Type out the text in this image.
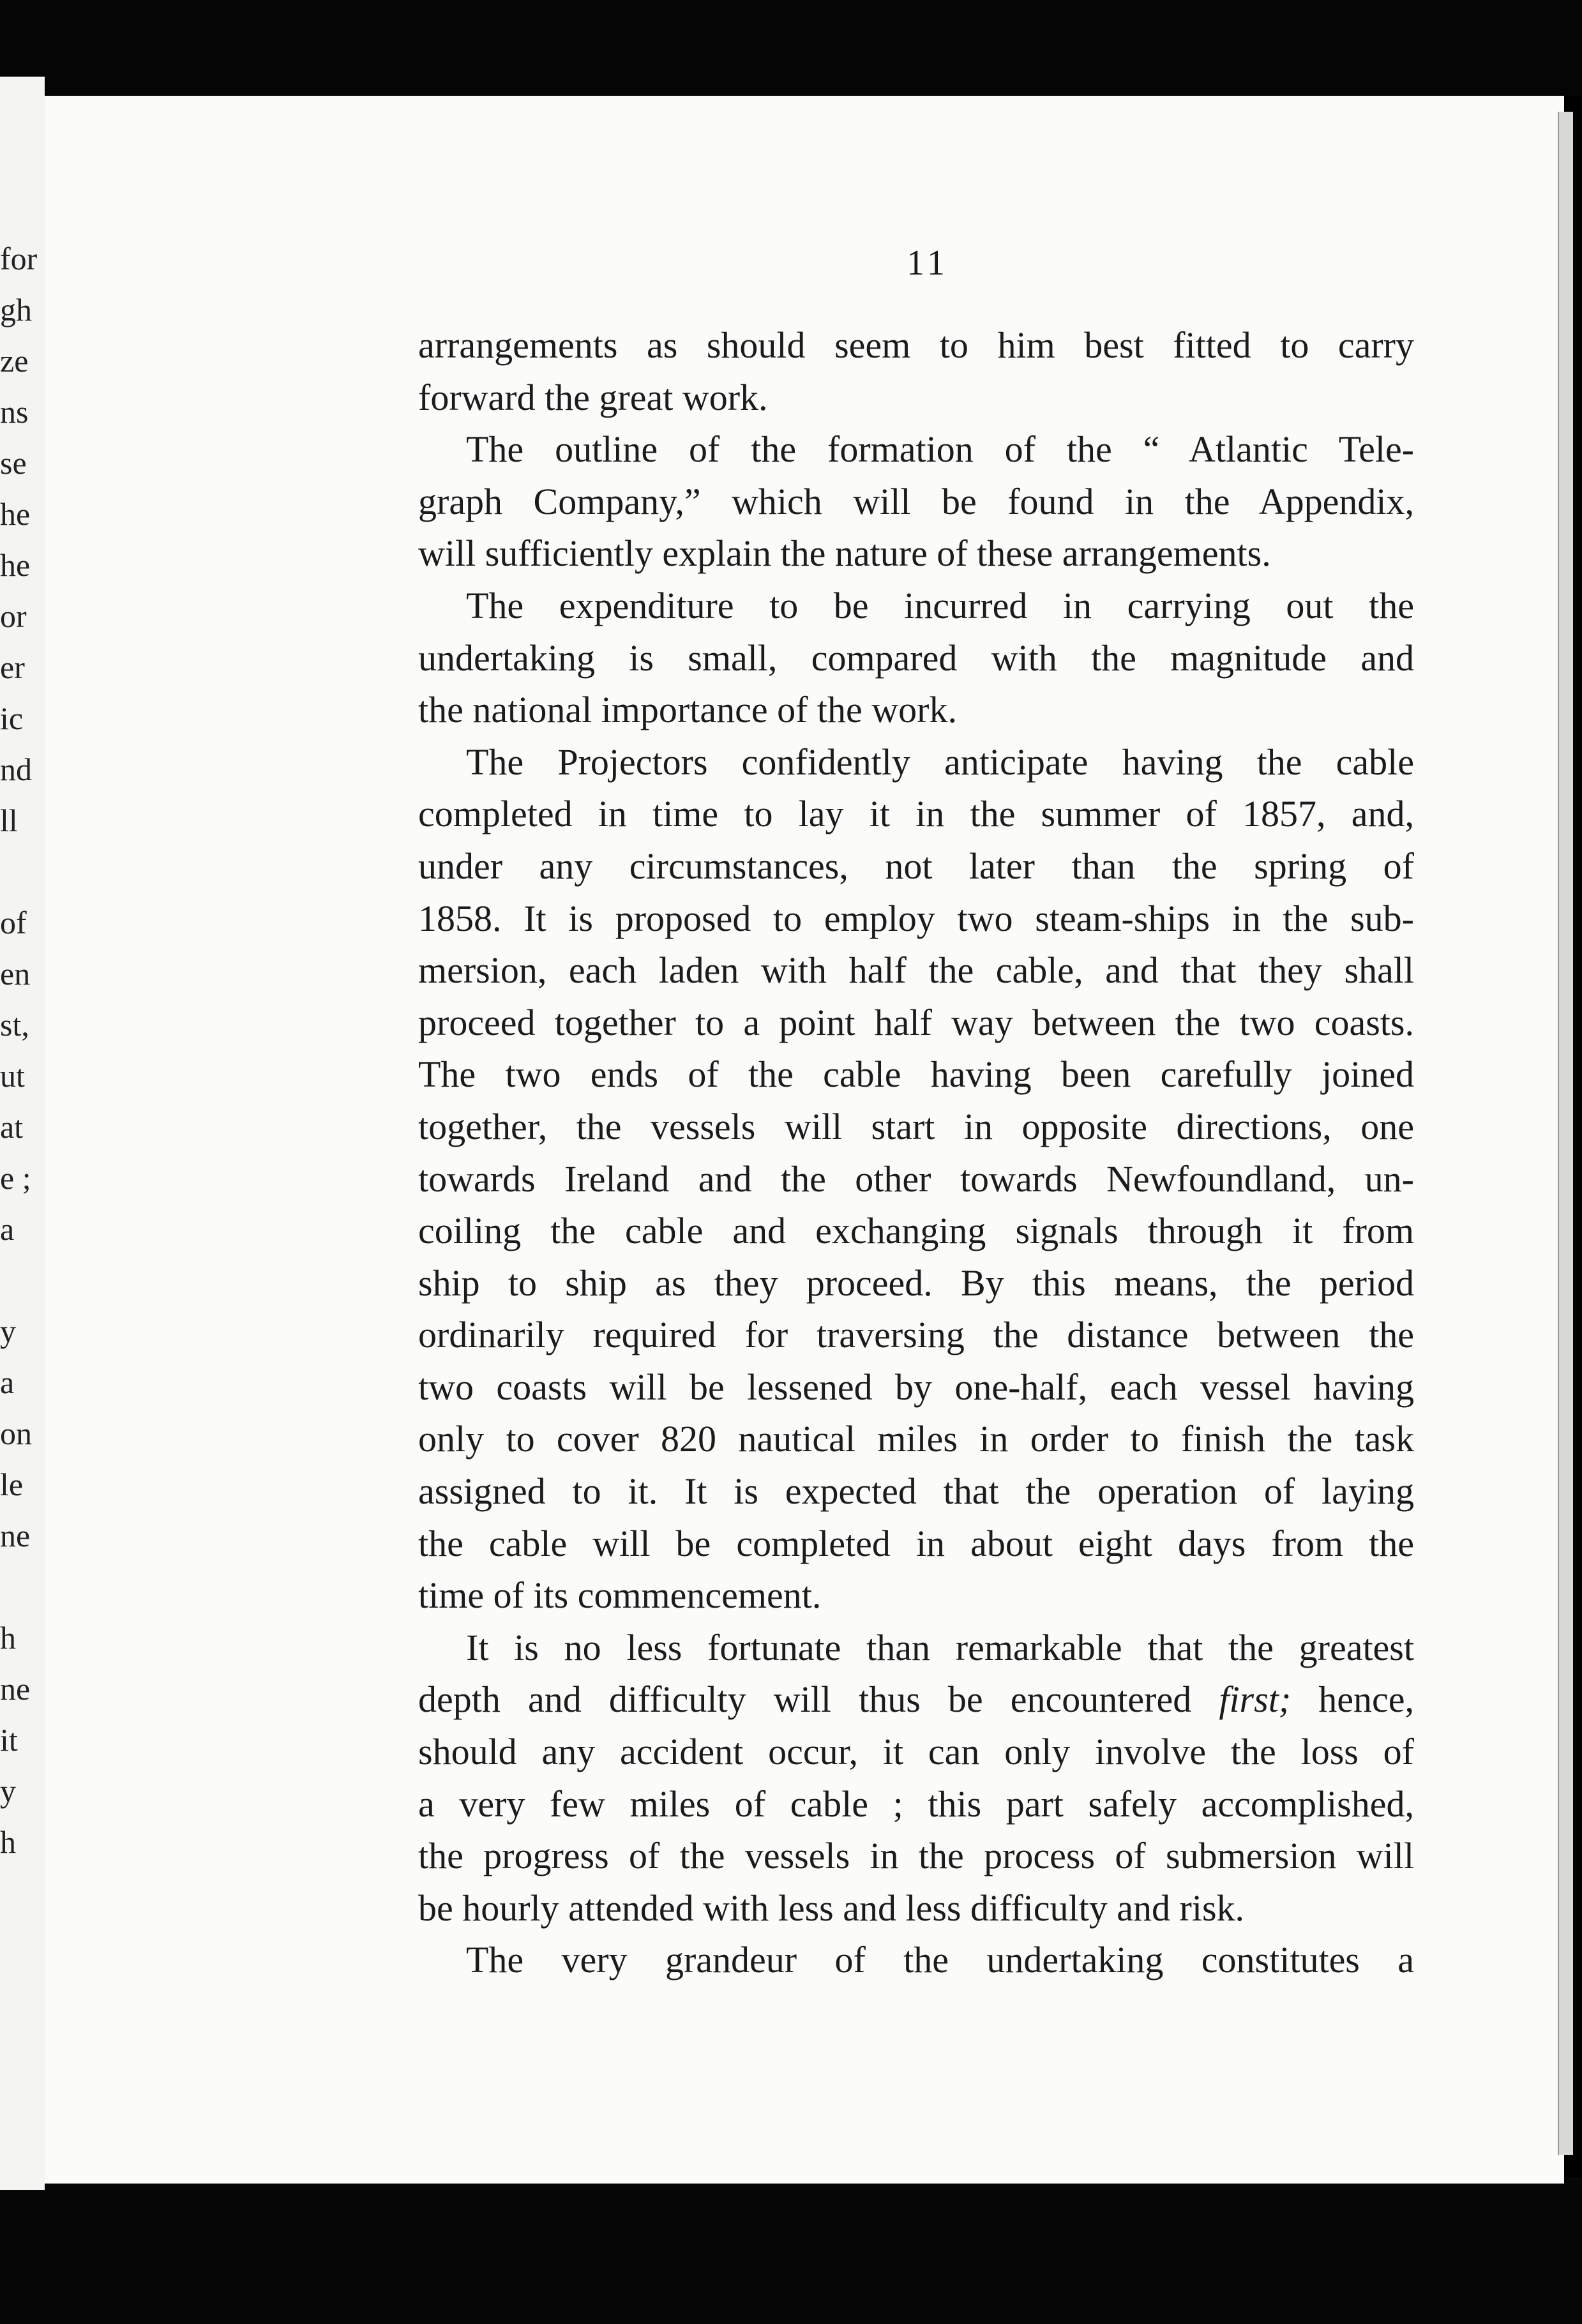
for
gh
ze
ns
se
he
he
or
er
ic
nd
ll
of
en
st,
ut
at
e ;
a
y
a
on
le
ne
h
ne
it
y
h
11
arrangements as should seem to him best fitted to carry
forward the great work.
The outline of the formation of the “ Atlantic Tele-
graph Company,” which will be found in the Appendix,
will sufficiently explain the nature of these arrangements.
The expenditure to be incurred in carrying out the
undertaking is small, compared with the magnitude and
the national importance of the work.
The Projectors confidently anticipate having the cable
completed in time to lay it in the summer of 1857, and,
under any circumstances, not later than the spring of
1858. It is proposed to employ two steam-ships in the sub-
mersion, each laden with half the cable, and that they shall
proceed together to a point half way between the two coasts.
The two ends of the cable having been carefully joined
together, the vessels will start in opposite directions, one
towards Ireland and the other towards Newfoundland, un-
coiling the cable and exchanging signals through it from
ship to ship as they proceed. By this means, the period
ordinarily required for traversing the distance between the
two coasts will be lessened by one-half, each vessel having
only to cover 820 nautical miles in order to finish the task
assigned to it. It is expected that the operation of laying
the cable will be completed in about eight days from the
time of its commencement.
It is no less fortunate than remarkable that the greatest
depth and difficulty will thus be encountered first; hence,
should any accident occur, it can only involve the loss of
a very few miles of cable ; this part safely accomplished,
the progress of the vessels in the process of submersion will
be hourly attended with less and less difficulty and risk.
The very grandeur of the undertaking constitutes a
